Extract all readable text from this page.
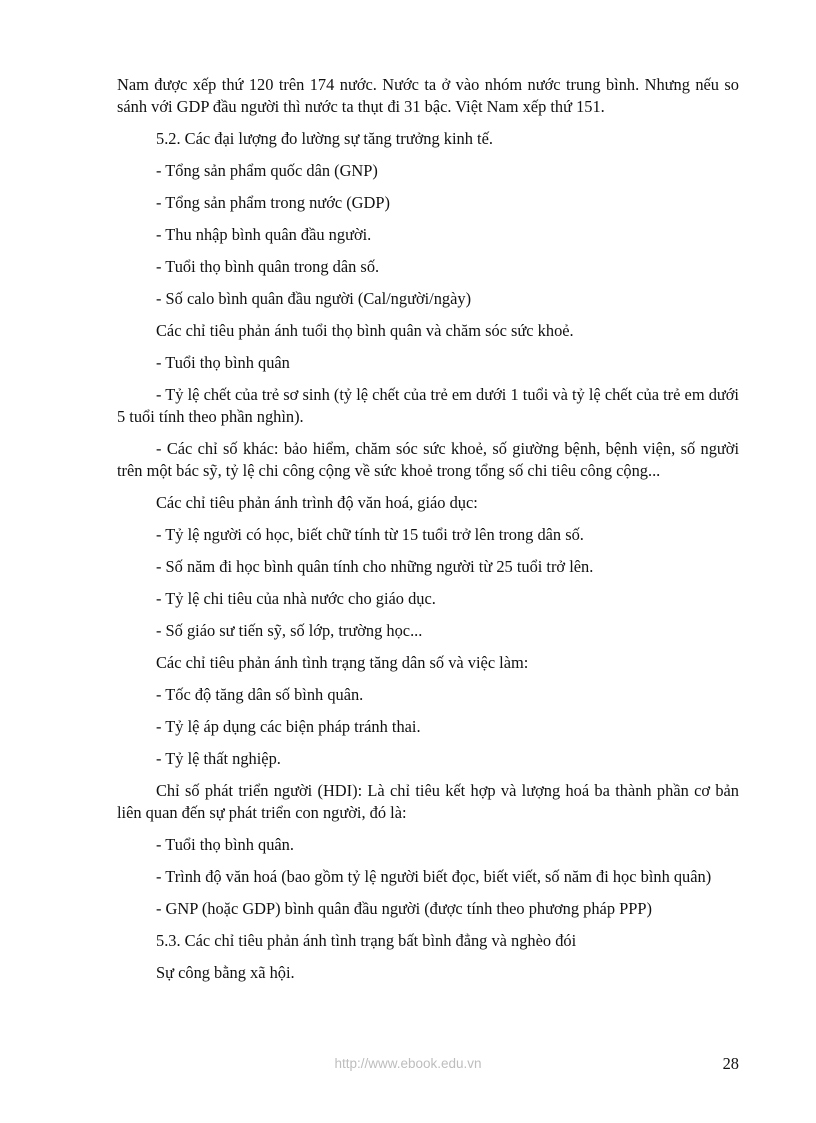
Nam được xếp thứ 120 trên 174 nước. Nước ta ở vào nhóm nước trung bình. Nhưng nếu so sánh với GDP đầu người thì nước ta thụt đi 31 bậc. Việt Nam xếp thứ 151.

5.2. Các đại lượng đo lường sự tăng trưởng kinh tế.

- Tổng sản phẩm quốc dân (GNP)

- Tổng sản phẩm trong nước (GDP)

- Thu nhập bình quân đầu người.

- Tuổi thọ bình quân trong dân số.

- Số calo bình quân đầu người (Cal/người/ngày)

Các chỉ tiêu phản ánh tuổi thọ bình quân và chăm sóc sức khoẻ.

- Tuổi thọ bình quân

- Tỷ lệ chết của trẻ sơ sinh (tỷ lệ chết của trẻ em dưới 1 tuổi và tỷ lệ chết của trẻ em dưới 5 tuổi tính theo phần nghìn).

- Các chỉ số khác: bảo hiểm, chăm sóc sức khoẻ, số giường bệnh, bệnh viện, số người trên một bác sỹ, tỷ lệ chi công cộng về sức khoẻ trong tổng số chi tiêu công cộng...

Các chỉ tiêu phản ánh trình độ văn hoá, giáo dục:

- Tỷ lệ người có học, biết chữ tính từ 15 tuổi trở lên trong dân số.

- Số năm đi học bình quân tính cho những người từ 25 tuổi trở lên.

- Tỷ lệ chi tiêu của nhà nước cho giáo dục.

- Số giáo sư tiến sỹ, số lớp, trường học...

Các chỉ tiêu phản ánh tình trạng tăng dân số và việc làm:

- Tốc độ tăng dân số bình quân.

- Tỷ lệ áp dụng các biện pháp tránh thai.

- Tỷ lệ thất nghiệp.

Chỉ số phát triển người (HDI): Là chỉ tiêu kết hợp và lượng hoá ba thành phần cơ bản liên quan đến sự phát triển con người, đó là:

- Tuổi thọ bình quân.

- Trình độ văn hoá (bao gồm tỷ lệ người biết đọc, biết viết, số năm đi học bình quân)

- GNP (hoặc GDP) bình quân đầu người (được tính theo phương pháp PPP)

5.3. Các chỉ tiêu phản ánh tình trạng bất bình đẳng và nghèo đói

Sự công bằng xã hội.

http://www.ebook.edu.vn	28
